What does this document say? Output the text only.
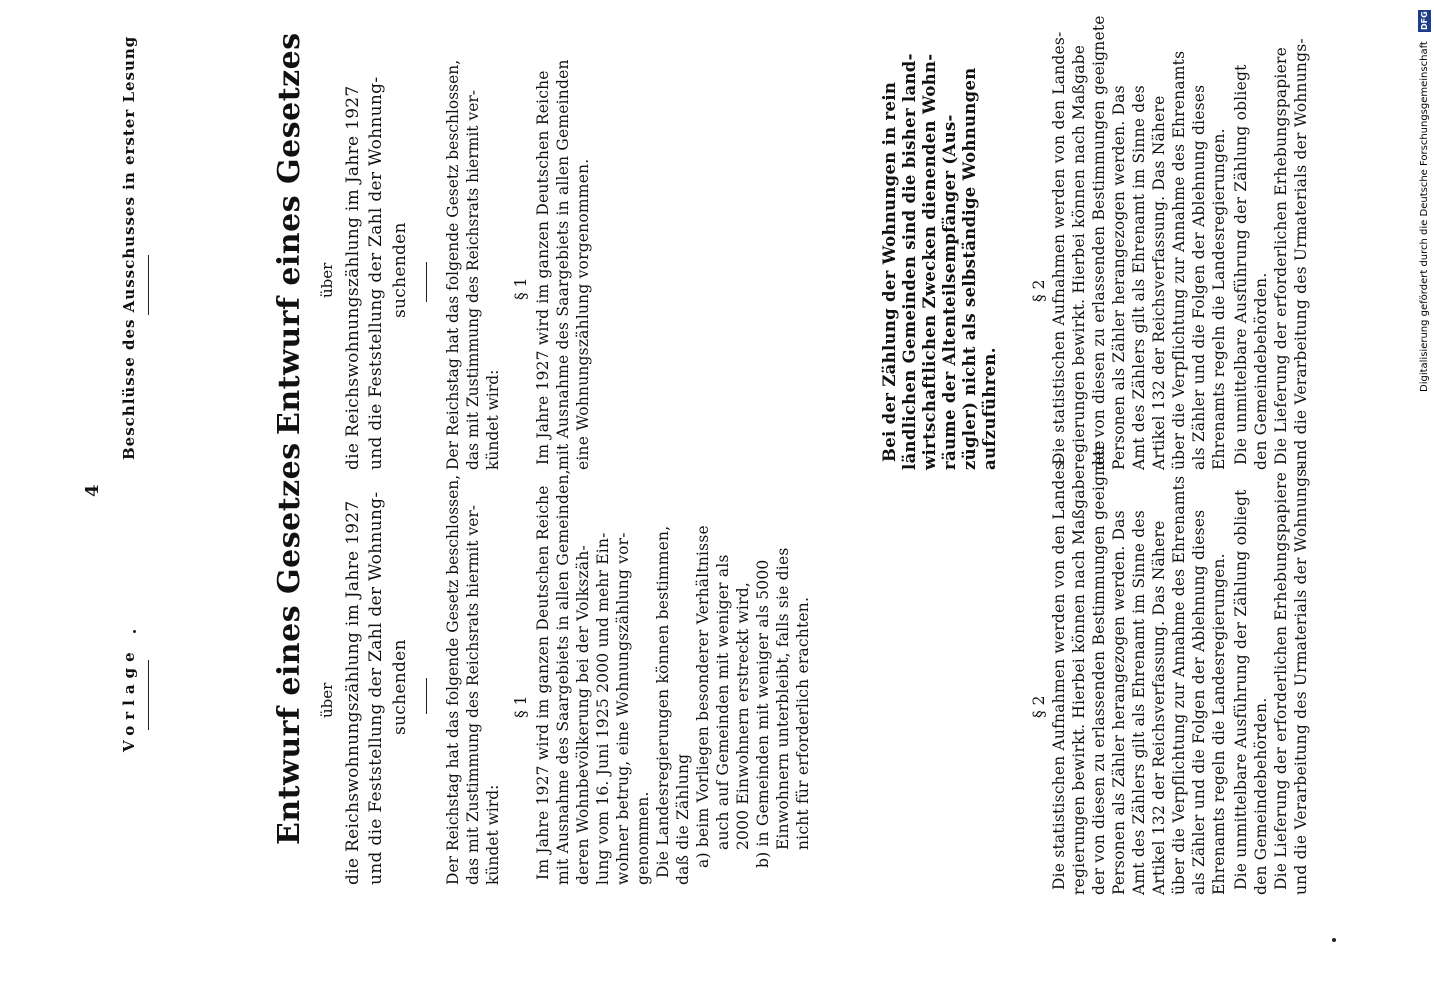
4
Vorlage	Entwurf eines Gesetzes über die Reichswohnungszählung im Jahre 1927 und die Feststellung der Zahl der Wohnung- suchenden Der Reichstag hat das folgende Gesetz beschlossen, das mit Zustimmung des Reichsrats hiermit ver- kündet wird:
§ 1 Im Jahre 1927 wird im ganzen Deutschen Reiche mit Ausnahme des Saargebiets in allen Gemeinden, deren Wohnbevölkerung bei der Volkszäh- lung vom 16. Juni 1925 2000 und mehr Ein- wohner betrug, eine Wohnungszählung vor- genommen. Die Landesregierungen können bestimmen, daß die Zählung a) beim Vorliegen besonderer Verhältnisse auch auf Gemeinden mit weniger als 2000 Einwohnern erstreckt wird, b) in Gemeinden mit weniger als 5000 Einwohnern unterbleibt, falls sie dies nicht für erforderlich erachten.	§ 2 Die statistischen Aufnahmen werden von den Landes- regierungen bewirkt. Hierbei können nach Maßgabe der von diesen zu erlassenden Bestimmungen geeignete Personen als Zähler herangezogen werden. Das Amt des Zählers gilt als Ehrenamt im Sinne des Artikel 132 der Reichsverfassung. Das Nähere über die Verpflichtung zur Annahme des Ehrenamts als Zähler und die Folgen der Ablehnung dieses Ehrenamts regeln die Landesregierungen. Die unmittelbare Ausführung der Zählung obliegt den Gemeindebehörden. Die Lieferung der erforderlichen Erhebungspapiere und die Verarbeitung des Urmaterials der Wohnungs-
Beschlüsse des Ausschusses in erster Lesung	Entwurf eines Gesetzes über die Reichswohnungszählung im Jahre 1927 und die Feststellung der Zahl der Wohnung- suchenden Der Reichstag hat das folgende Gesetz beschlossen, das mit Zustimmung des Reichsrats hiermit ver- kündet wird:
§ 1 Im Jahre 1927 wird im ganzen Deutschen Reiche mit Ausnahme des Saargebiets in allen Gemeinden eine Wohnungszählung vorgenommen.	Bei der Zählung der Wohnungen in rein ländlichen Gemeinden sind die bisher land- wirtschaftlichen Zwecken dienenden Wohn- räume der Altenteilsempfänger (Aus- zügler) nicht als selbständige Wohnungen aufzuführen.
§ 2 Die statistischen Aufnahmen werden von den Landes- regierungen bewirkt. Hierbei können nach Maßgabe der von diesen zu erlassenden Bestimmungen geeignete Personen als Zähler herangezogen werden. Das Amt des Zählers gilt als Ehrenamt im Sinne des Artikel 132 der Reichsverfassung. Das Nähere über die Verpflichtung zur Annahme des Ehrenamts als Zähler und die Folgen der Ablehnung dieses Ehrenamts regeln die Landesregierungen. Die unmittelbare Ausführung der Zählung obliegt den Gemeindebehörden. Die Lieferung der erforderlichen Erhebungspapiere und die Verarbeitung des Urmaterials der Wohnungs-
DFG
Digitalisierung gefördert durch die Deutsche Forschungsgemeinschaft
